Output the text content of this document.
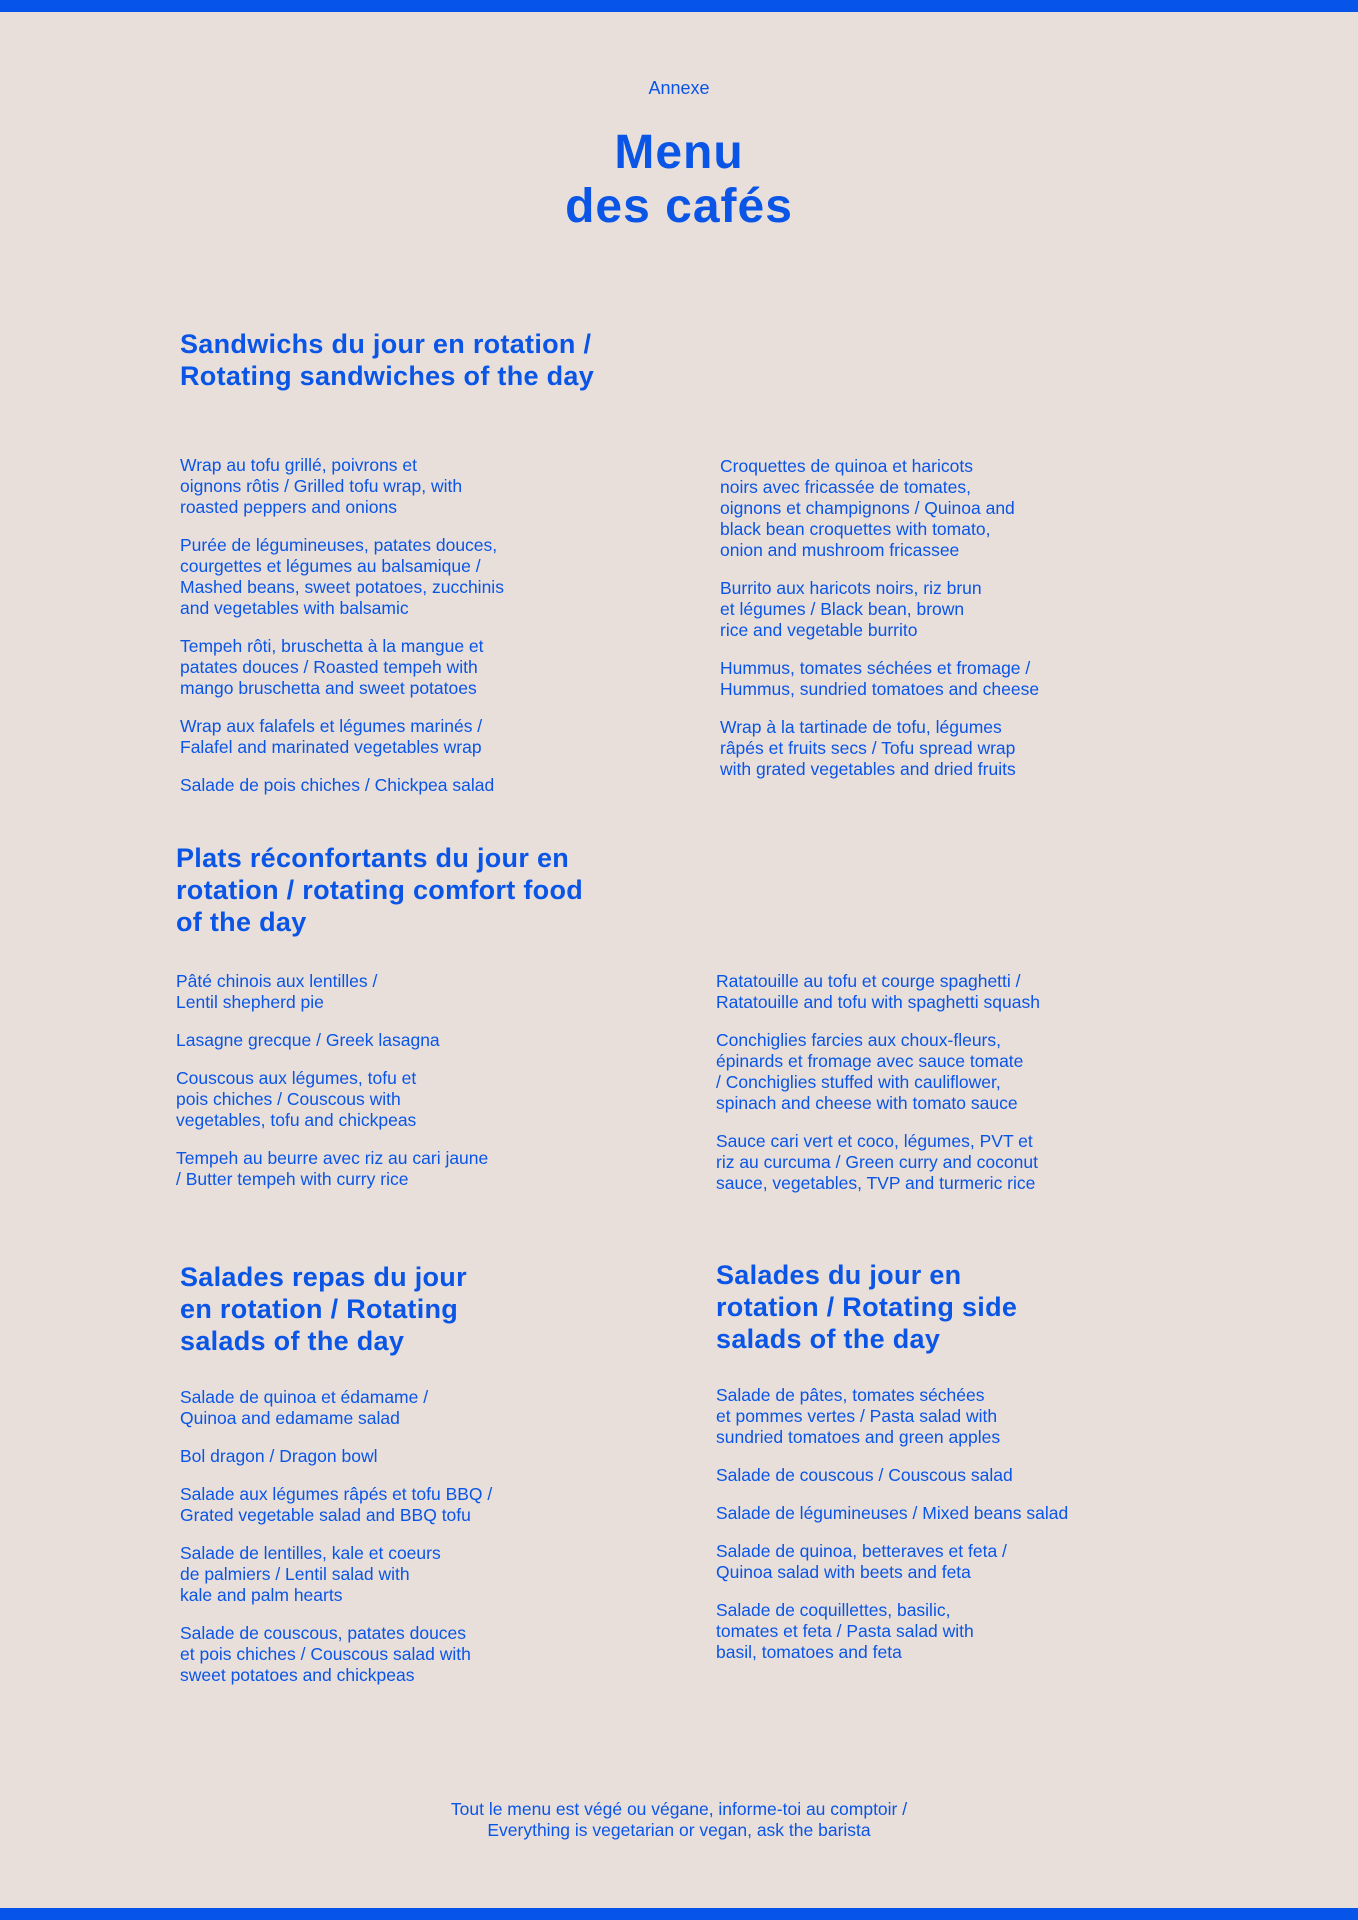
Annexe
Menu
des cafés
Sandwichs du jour en rotation /
Rotating sandwiches of the day
Wrap au tofu grillé, poivrons et
oignons rôtis / Grilled tofu wrap, with
roasted peppers and onions
Purée de légumineuses, patates douces,
courgettes et légumes au balsamique /
Mashed beans, sweet potatoes, zucchinis
and vegetables with balsamic
Tempeh rôti, bruschetta à la mangue et
patates douces / Roasted tempeh with
mango bruschetta and sweet potatoes
Wrap aux falafels et légumes marinés /
Falafel and marinated vegetables wrap
Salade de pois chiches / Chickpea salad
Croquettes de quinoa et haricots
noirs avec fricassée de tomates,
oignons et champignons / Quinoa and
black bean croquettes with tomato,
onion and mushroom fricassee
Burrito aux haricots noirs, riz brun
et légumes / Black bean, brown
rice and vegetable burrito
Hummus, tomates séchées et fromage /
Hummus, sundried tomatoes and cheese
Wrap à la tartinade de tofu, légumes
râpés et fruits secs / Tofu spread wrap
with grated vegetables and dried fruits
Plats réconfortants du jour en
rotation / rotating comfort food
of the day
Pâté chinois aux lentilles /
Lentil shepherd pie
Lasagne grecque / Greek lasagna
Couscous aux légumes, tofu et
pois chiches / Couscous with
vegetables, tofu and chickpeas
Tempeh au beurre avec riz au cari jaune
/ Butter tempeh with curry rice
Ratatouille au tofu et courge spaghetti /
Ratatouille and tofu with spaghetti squash
Conchiglies farcies aux choux-fleurs,
épinards et fromage avec sauce tomate
/ Conchiglies stuffed with cauliflower,
spinach and cheese with tomato sauce
Sauce cari vert et coco, légumes, PVT et
riz au curcuma / Green curry and coconut
sauce, vegetables, TVP and turmeric rice
Salades repas du jour
en rotation / Rotating
salads of the day
Salade de quinoa et édamame /
Quinoa and edamame salad
Bol dragon / Dragon bowl
Salade aux légumes râpés et tofu BBQ /
Grated vegetable salad and BBQ tofu
Salade de lentilles, kale et coeurs
de palmiers / Lentil salad with
kale and palm hearts
Salade de couscous, patates douces
et pois chiches / Couscous salad with
sweet potatoes and chickpeas
Salades du jour en
rotation / Rotating side
salads of the day
Salade de pâtes, tomates séchées
et pommes vertes / Pasta salad with
sundried tomatoes and green apples
Salade de couscous / Couscous salad
Salade de légumineuses / Mixed beans salad
Salade de quinoa, betteraves et feta /
Quinoa salad with beets and feta
Salade de coquillettes, basilic,
tomates et feta / Pasta salad with
basil, tomatoes and feta
Tout le menu est végé ou végane, informe-toi au comptoir /
Everything is vegetarian or vegan, ask the barista
